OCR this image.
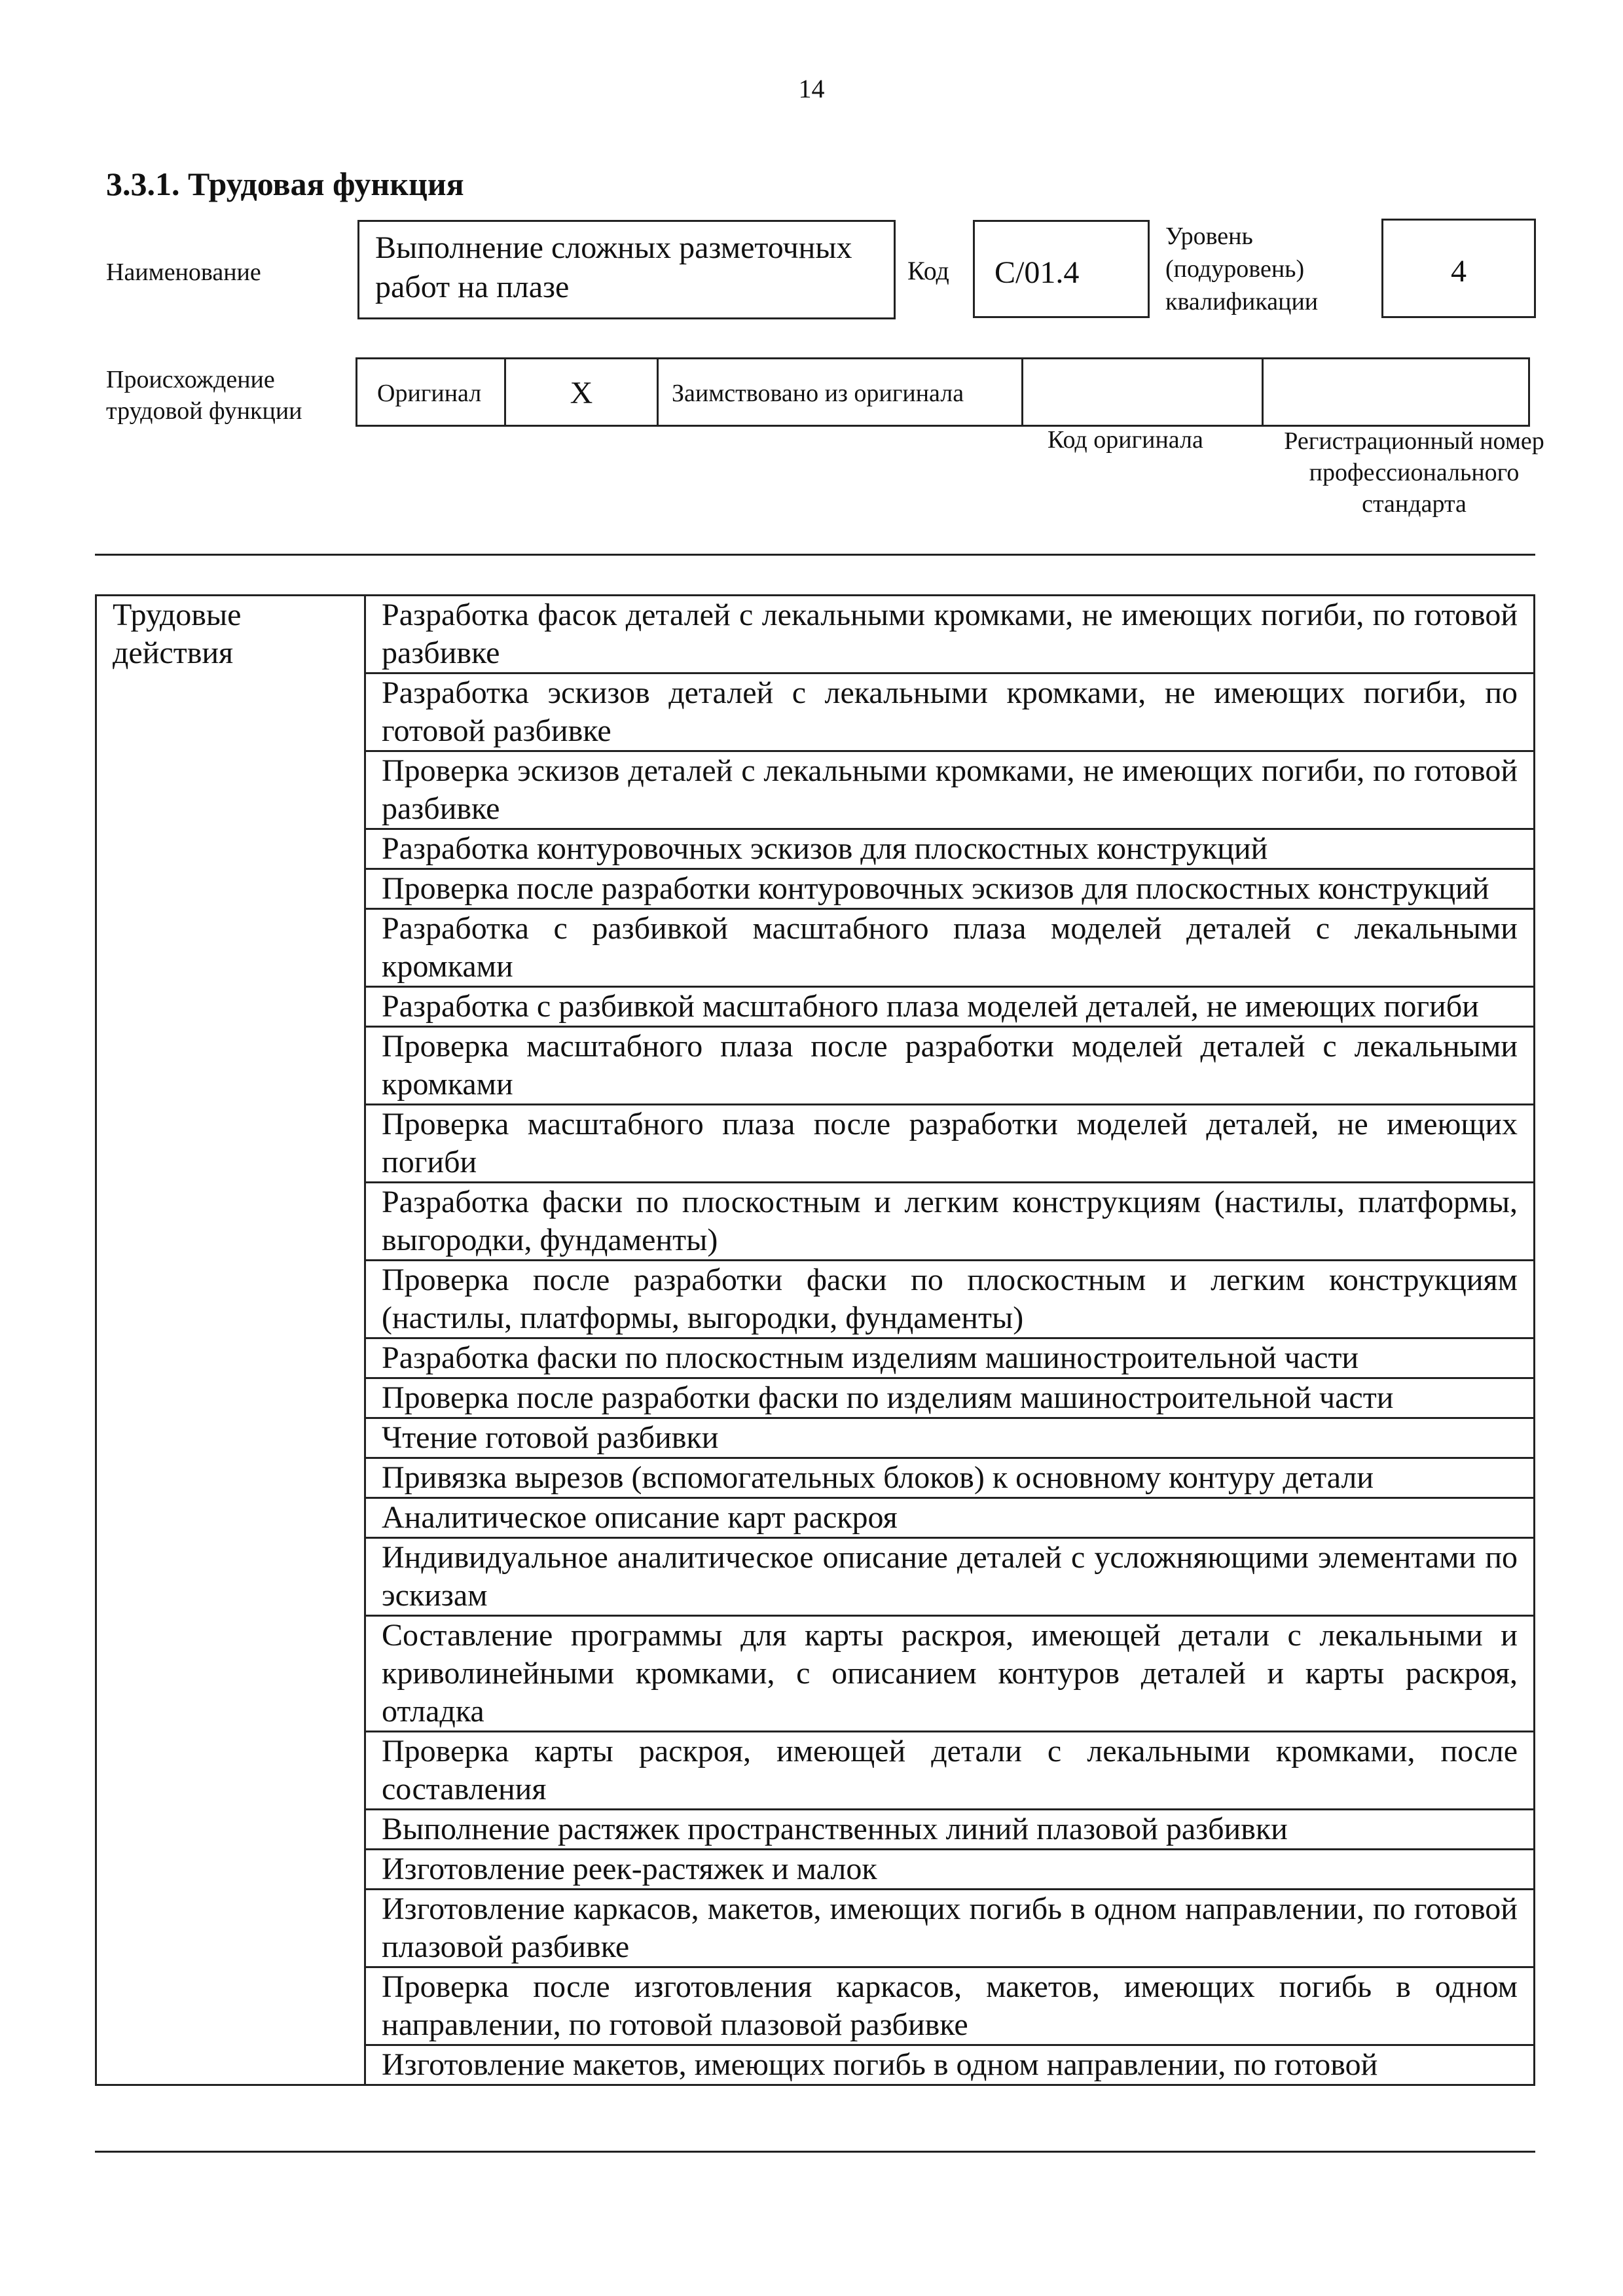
14
3.3.1. Трудовая функция
Наименование
Выполнение сложных разметочных работ на плазе	Код	C/01.4
Уровень
(подуровень)
квалификации
4
Происхождение
трудовой функции
Оригинал	X	Заимствовано из оригинала
Код оригинала	Регистрационный номер профессионального стандарта
Трудовые
действия
	Разработка фасок деталей с лекальными кромками, не имеющих погиби, по готовой разбивке
Разработка эскизов деталей с лекальными кромками, не имеющих погиби, по готовой разбивке
Проверка эскизов деталей с лекальными кромками, не имеющих погиби, по готовой разбивке
Разработка контуровочных эскизов для плоскостных конструкций
Проверка после разработки контуровочных эскизов для плоскостных конструкций
Разработка с разбивкой масштабного плаза моделей деталей с лекальными кромками
Разработка с разбивкой масштабного плаза моделей деталей, не имеющих погиби
Проверка масштабного плаза после разработки моделей деталей с лекальными кромками
Проверка масштабного плаза после разработки моделей деталей, не имеющих погиби
Разработка фаски по плоскостным и легким конструкциям (настилы, платформы, выгородки, фундаменты)
Проверка после разработки фаски по плоскостным и легким конструкциям (настилы, платформы, выгородки, фундаменты)
Разработка фаски по плоскостным изделиям машиностроительной части
Проверка после разработки фаски по изделиям машиностроительной части
Чтение готовой разбивки
Привязка вырезов (вспомогательных блоков) к основному контуру детали
Аналитическое описание карт раскроя
Индивидуальное аналитическое описание деталей с усложняющими элементами по эскизам
Составление программы для карты раскроя, имеющей детали с лекальными и криволинейными кромками, с описанием контуров деталей и карты раскроя, отладка
Проверка карты раскроя, имеющей детали с лекальными кромками, после составления
Выполнение растяжек пространственных линий плазовой разбивки
Изготовление реек-растяжек и малок
Изготовление каркасов, макетов, имеющих погибь в одном направлении, по готовой плазовой разбивке
Проверка после изготовления каркасов, макетов, имеющих погибь в одном направлении, по готовой плазовой разбивке
Изготовление макетов, имеющих погибь в одном направлении, по готовой
